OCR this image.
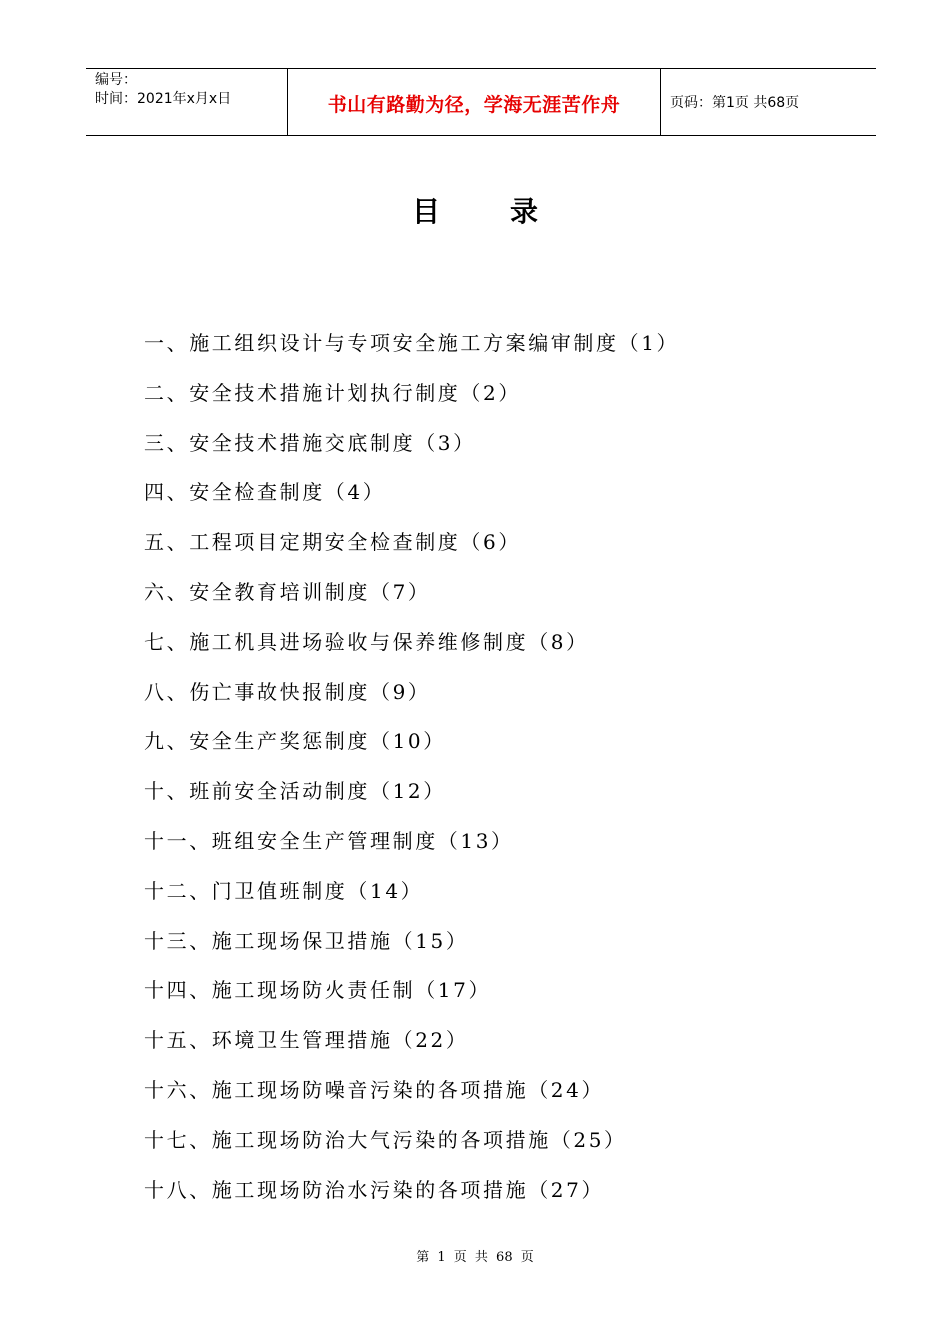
编号：
时间：2021年x月x日	书山有路勤为径，学海无涯苦作舟	页码：第1页 共68页
目录
一、施工组织设计与专项安全施工方案编审制度（1）
二、安全技术措施计划执行制度（2）
三、安全技术措施交底制度（3）
四、安全检查制度（4）
五、工程项目定期安全检查制度（6）
六、安全教育培训制度（7）
七、施工机具进场验收与保养维修制度（8）
八、伤亡事故快报制度（9）
九、安全生产奖惩制度（10）
十、班前安全活动制度（12）
十一、班组安全生产管理制度（13）
十二、门卫值班制度（14）
十三、施工现场保卫措施（15）
十四、施工现场防火责任制（17）
十五、环境卫生管理措施（22）
十六、施工现场防噪音污染的各项措施（24）
十七、施工现场防治大气污染的各项措施（25）
十八、施工现场防治水污染的各项措施（27）
第 1 页 共 68 页
